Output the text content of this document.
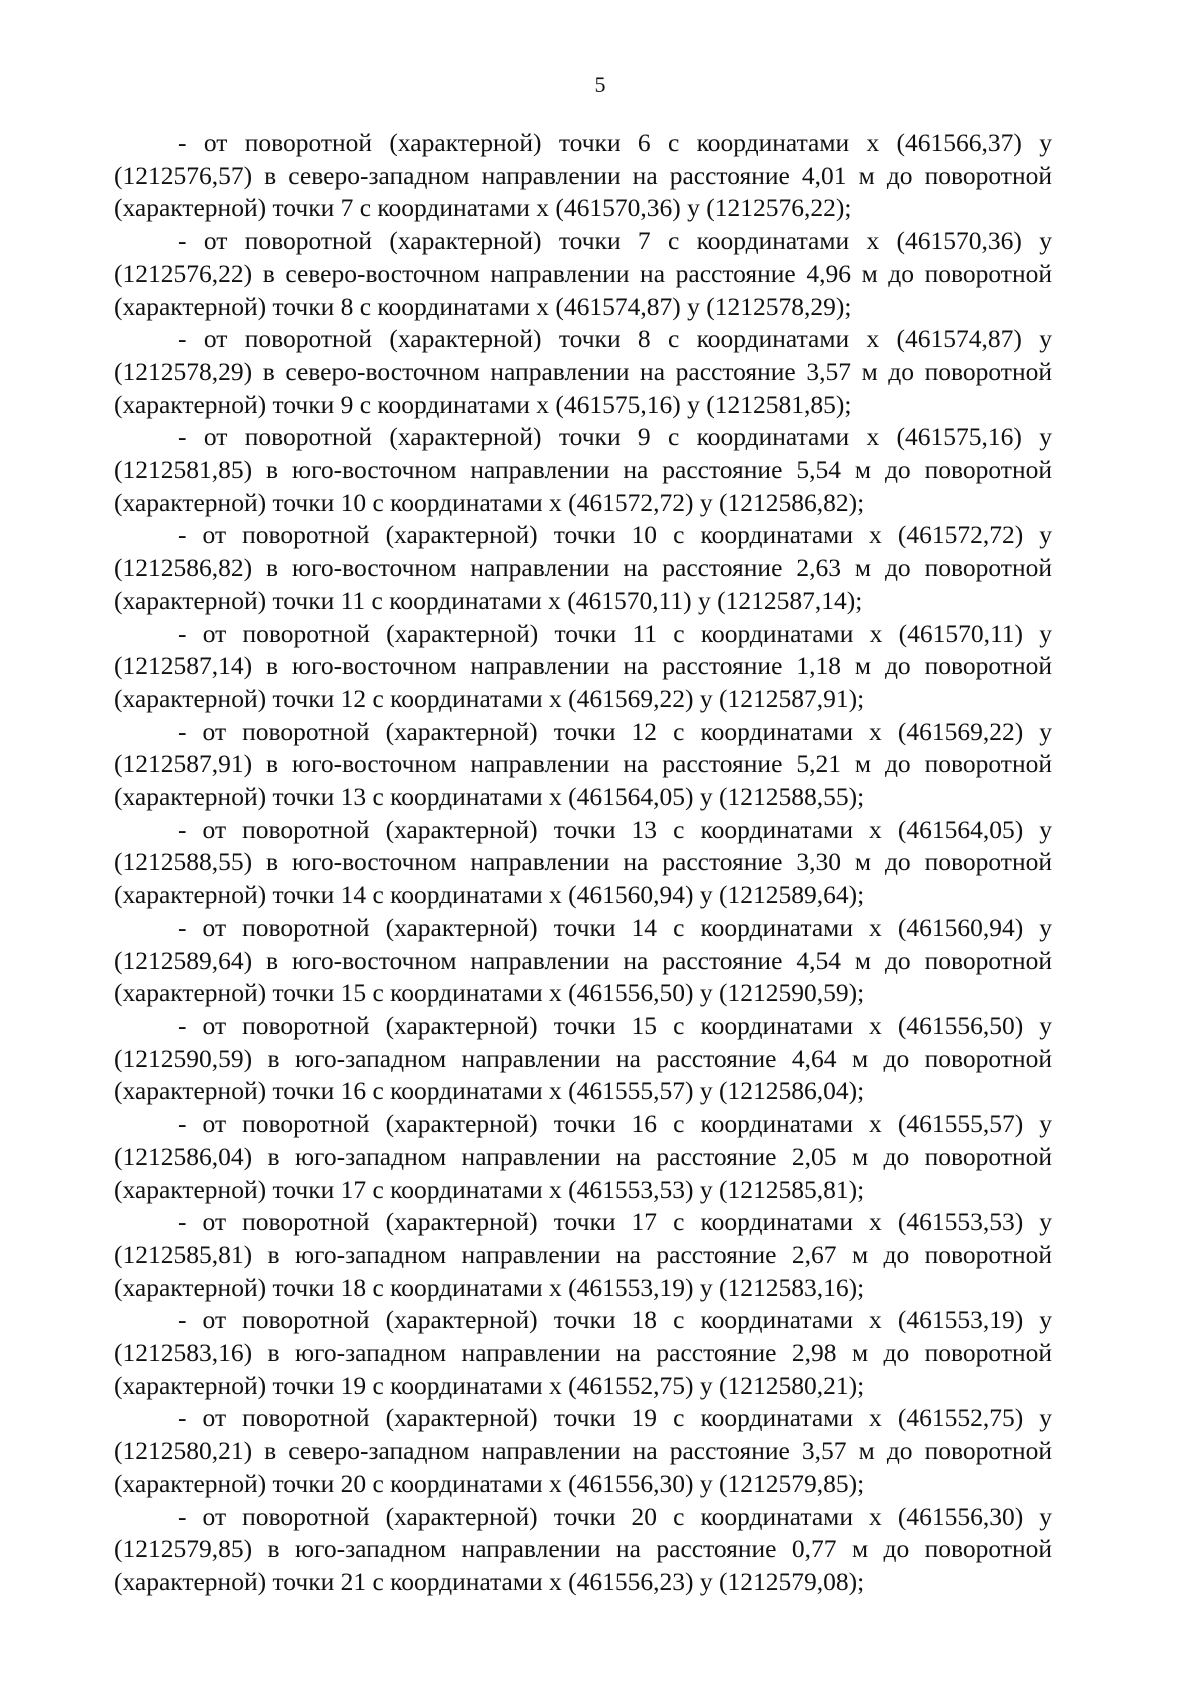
5

- от поворотной (характерной) точки 6 с координатами х (461566,37) у (1212576,57) в северо-западном направлении на расстояние 4,01 м до поворотной (характерной) точки 7 с координатами х (461570,36) у (1212576,22);

- от поворотной (характерной) точки 7 с координатами х (461570,36) у (1212576,22) в северо-восточном направлении на расстояние 4,96 м до поворотной (характерной) точки 8 с координатами х (461574,87) у (1212578,29);

- от поворотной (характерной) точки 8 с координатами х (461574,87) у (1212578,29) в северо-восточном направлении на расстояние 3,57 м до поворотной (характерной) точки 9 с координатами х (461575,16) у (1212581,85);

- от поворотной (характерной) точки 9 с координатами х (461575,16) у (1212581,85) в юго-восточном направлении на расстояние 5,54 м до поворотной (характерной) точки 10 с координатами х (461572,72) у (1212586,82);

- от поворотной (характерной) точки 10 с координатами х (461572,72) у (1212586,82) в юго-восточном направлении на расстояние 2,63 м до поворотной (характерной) точки 11 с координатами х (461570,11) у (1212587,14);

- от поворотной (характерной) точки 11 с координатами х (461570,11) у (1212587,14) в юго-восточном направлении на расстояние 1,18 м до поворотной (характерной) точки 12 с координатами х (461569,22) у (1212587,91);

- от поворотной (характерной) точки 12 с координатами х (461569,22) у (1212587,91) в юго-восточном направлении на расстояние 5,21 м до поворотной (характерной) точки 13 с координатами х (461564,05) у (1212588,55);

- от поворотной (характерной) точки 13 с координатами х (461564,05) у (1212588,55) в юго-восточном направлении на расстояние 3,30 м до поворотной (характерной) точки 14 с координатами х (461560,94) у (1212589,64);

- от поворотной (характерной) точки 14 с координатами х (461560,94) у (1212589,64) в юго-восточном направлении на расстояние 4,54 м до поворотной (характерной) точки 15 с координатами х (461556,50) у (1212590,59);

- от поворотной (характерной) точки 15 с координатами х (461556,50) у (1212590,59) в юго-западном направлении на расстояние 4,64 м до поворотной (характерной) точки 16 с координатами х (461555,57) у (1212586,04);

- от поворотной (характерной) точки 16 с координатами х (461555,57) у (1212586,04) в юго-западном направлении на расстояние 2,05 м до поворотной (характерной) точки 17 с координатами х (461553,53) у (1212585,81);

- от поворотной (характерной) точки 17 с координатами х (461553,53) у (1212585,81) в юго-западном направлении на расстояние 2,67 м до поворотной (характерной) точки 18 с координатами х (461553,19) у (1212583,16);

- от поворотной (характерной) точки 18 с координатами х (461553,19) у (1212583,16) в юго-западном направлении на расстояние 2,98 м до поворотной (характерной) точки 19 с координатами х (461552,75) у (1212580,21);

- от поворотной (характерной) точки 19 с координатами х (461552,75) у (1212580,21) в северо-западном направлении на расстояние 3,57 м до поворотной (характерной) точки 20 с координатами х (461556,30) у (1212579,85);

- от поворотной (характерной) точки 20 с координатами х (461556,30) у (1212579,85) в юго-западном направлении на расстояние 0,77 м до поворотной (характерной) точки 21 с координатами х (461556,23) у (1212579,08);
